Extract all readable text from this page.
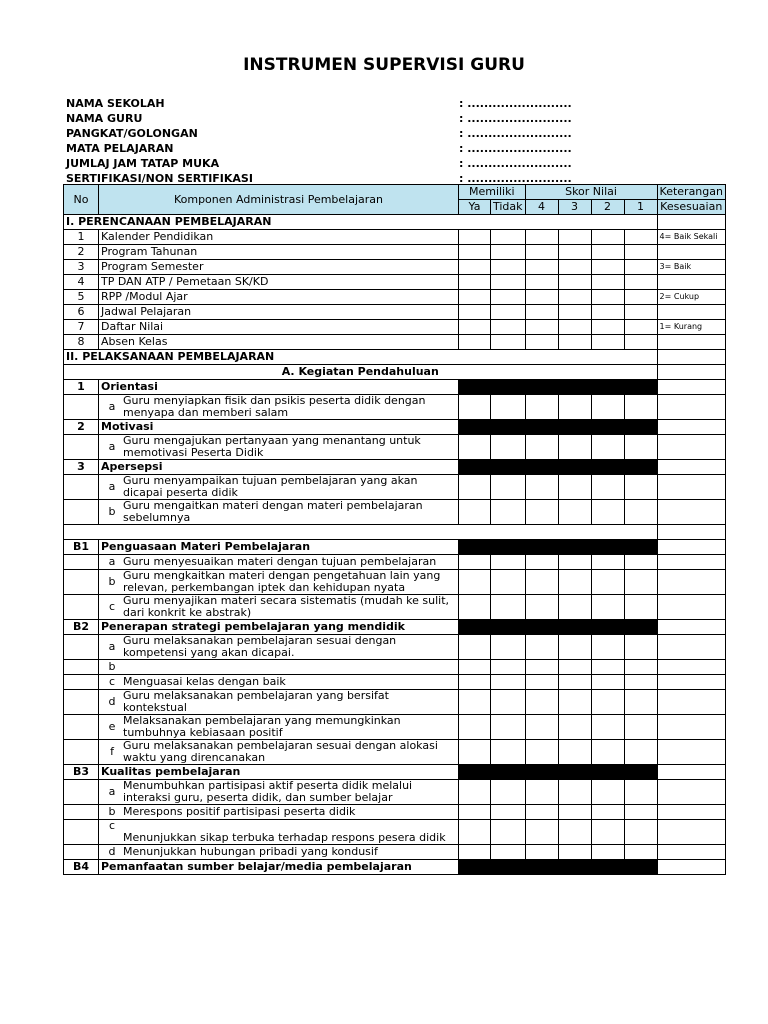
INSTRUMEN SUPERVISI GURU
NAMA SEKOLAH	: .........................
NAMA GURU	: .........................
PANGKAT/GOLONGAN	: .........................
MATA PELAJARAN	: .........................
JUMLAJ JAM TATAP MUKA	: .........................
SERTIFIKASI/NON SERTIFIKASI	: .........................
No	Komponen Administrasi Pembelajaran	Memiliki		Skor Nilai				Keterangan
		Ya	Tidak	4	3	2	1	Kesesuaian
I. PERENCANAAN PEMBELAJARAN								
1	Kalender Pendidikan							4= Baik Sekali
2	Program Tahunan							
3	Program Semester							3= Baik
4	TP DAN ATP / Pemetaan SK/KD							
5	RPP /Modul Ajar							2= Cukup
6	Jadwal Pelajaran							
7	Daftar Nilai							1= Kurang
8	Absen Kelas							
II. PELAKSANAAN PEMBELAJARAN								
A. Kegiatan Pendahuluan								
1	Orientasi							

	a Guru menyiapkan fisik dan psikis peserta didik dengan menyapa dan memberi salam							

2	Motivasi							

	a Guru mengajukan pertanyaan yang menantang untuk memotivasi Peserta Didik							

3	Apersepsi							

	a Guru menyampaikan tujuan pembelajaran yang akan dicapai peserta didik							

	b Guru mengaitkan materi dengan materi pembelajaran sebelumnya							

B1	Penguasaan Materi Pembelajaran							

	a Guru menyesuaikan materi dengan tujuan pembelajaran							

	b Guru mengkaitkan materi dengan pengetahuan lain yang relevan, perkembangan iptek dan kehidupan nyata							

	c Guru menyajikan materi secara sistematis (mudah ke sulit, dari konkrit ke abstrak)							

B2	Penerapan strategi pembelajaran yang mendidik							

	a Guru melaksanakan pembelajaran sesuai dengan kompetensi yang akan dicapai.							

	b							

	c Menguasai kelas dengan baik							

	d Guru melaksanakan pembelajaran yang bersifat kontekstual							

	e Melaksanakan pembelajaran yang memungkinkan tumbuhnya kebiasaan positif							

	f Guru melaksanakan pembelajaran sesuai dengan alokasi waktu yang direncanakan							

B3	Kualitas pembelajaran							

	a Menumbuhkan partisipasi aktif peserta didik melalui interaksi guru, peserta didik, dan sumber belajar							

	b Merespons positif partisipasi peserta didik							

	c
Menunjukkan sikap terbuka terhadap respons pesera didik							

	d Menunjukkan hubungan pribadi yang kondusif							

B4	Pemanfaatan sumber belajar/media pembelajaran							
